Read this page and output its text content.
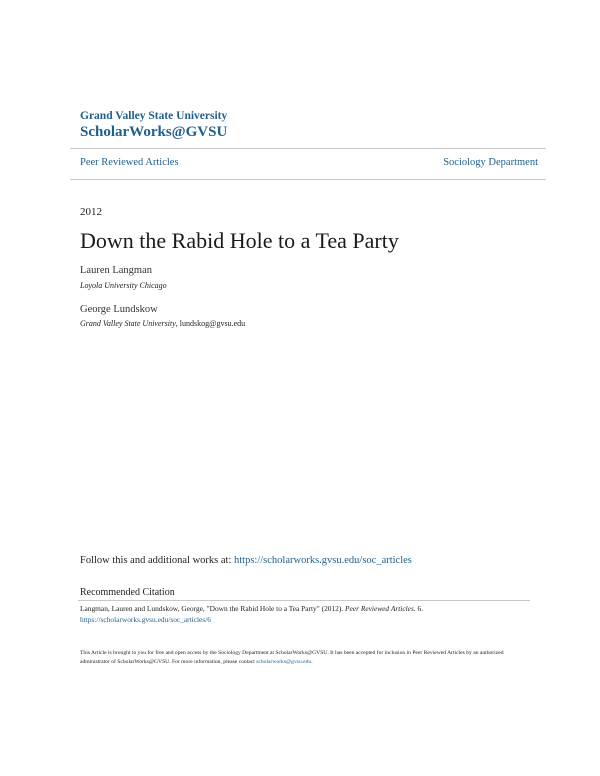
Grand Valley State University
ScholarWorks@GVSU
Peer Reviewed Articles	Sociology Department
2012
Down the Rabid Hole to a Tea Party
Lauren Langman
Loyola University Chicago
George Lundskow
Grand Valley State University, lundskog@gvsu.edu
Follow this and additional works at: https://scholarworks.gvsu.edu/soc_articles
Recommended Citation
Langman, Lauren and Lundskow, George, "Down the Rabid Hole to a Tea Party" (2012). Peer Reviewed Articles. 6.
https://scholarworks.gvsu.edu/soc_articles/6
This Article is brought to you for free and open access by the Sociology Department at ScholarWorks@GVSU. It has been accepted for inclusion in Peer Reviewed Articles by an authorized administrator of ScholarWorks@GVSU. For more information, please contact scholarworks@gvsu.edu.
